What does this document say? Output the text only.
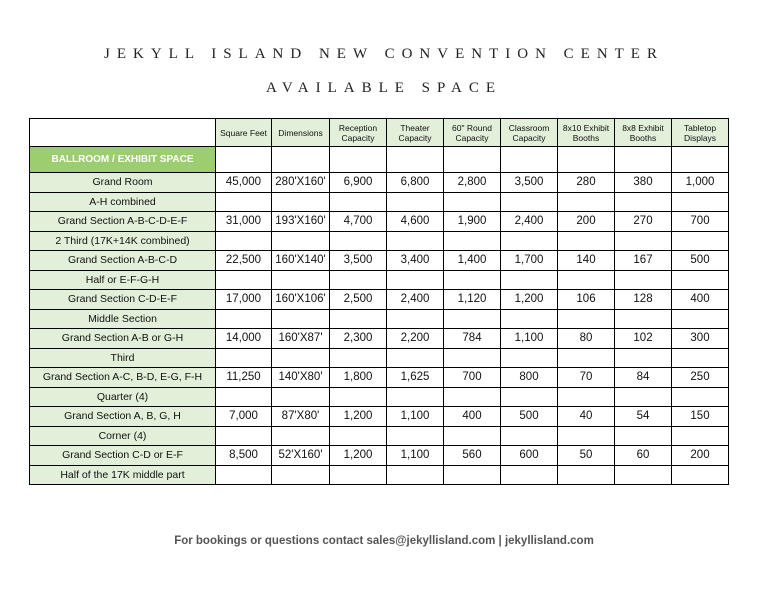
JEKYLL ISLAND NEW CONVENTION CENTER
AVAILABLE SPACE
	Square Feet	Dimensions	Reception Capacity	Theater Capacity	60" Round Capacity	Classroom Capacity	8x10 Exhibit Booths	8x8 Exhibit Booths	Tabletop Displays
BALLROOM / EXHIBIT SPACE									
Grand Room	45,000	280'X160'	6,900	6,800	2,800	3,500	280	380	1,000
A-H combined									
Grand Section A-B-C-D-E-F	31,000	193'X160'	4,700	4,600	1,900	2,400	200	270	700
2 Third (17K+14K combined)									
Grand Section A-B-C-D	22,500	160'X140'	3,500	3,400	1,400	1,700	140	167	500
Half or E-F-G-H									
Grand Section C-D-E-F	17,000	160'X106'	2,500	2,400	1,120	1,200	106	128	400
Middle Section									
Grand Section A-B or G-H	14,000	160'X87'	2,300	2,200	784	1,100	80	102	300
Third									
Grand Section A-C, B-D, E-G, F-H	11,250	140'X80'	1,800	1,625	700	800	70	84	250
Quarter (4)									
Grand Section A, B, G, H	7,000	87'X80'	1,200	1,100	400	500	40	54	150
Corner (4)									
Grand Section C-D or E-F	8,500	52'X160'	1,200	1,100	560	600	50	60	200
Half of the 17K middle part									
For bookings or questions contact sales@jekyllisland.com | jekyllisland.com
